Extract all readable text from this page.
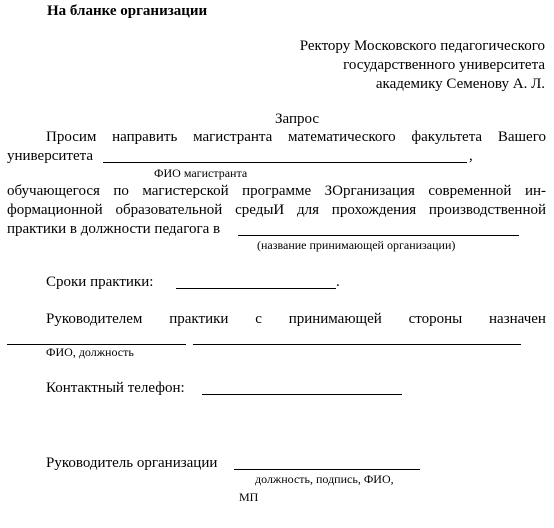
На бланке организации
Ректору Московского педагогического
государственного университета
академику Семенову А. Л.
Запрос
Просим направить магистранта математического факультета Вашего
университета	,
ФИО магистранта
обучающегося по магистерской программе ЗОрганизация современной ин-
формационной образовательной средыИ для прохождения производственной
практики в должности педагога в
(название принимающей организации)
Сроки практики:	.
Руководителем практики с принимающей стороны назначен
ФИО, должность
Контактный телефон:
Руководитель организации
должность, подпись, ФИО,
МП
